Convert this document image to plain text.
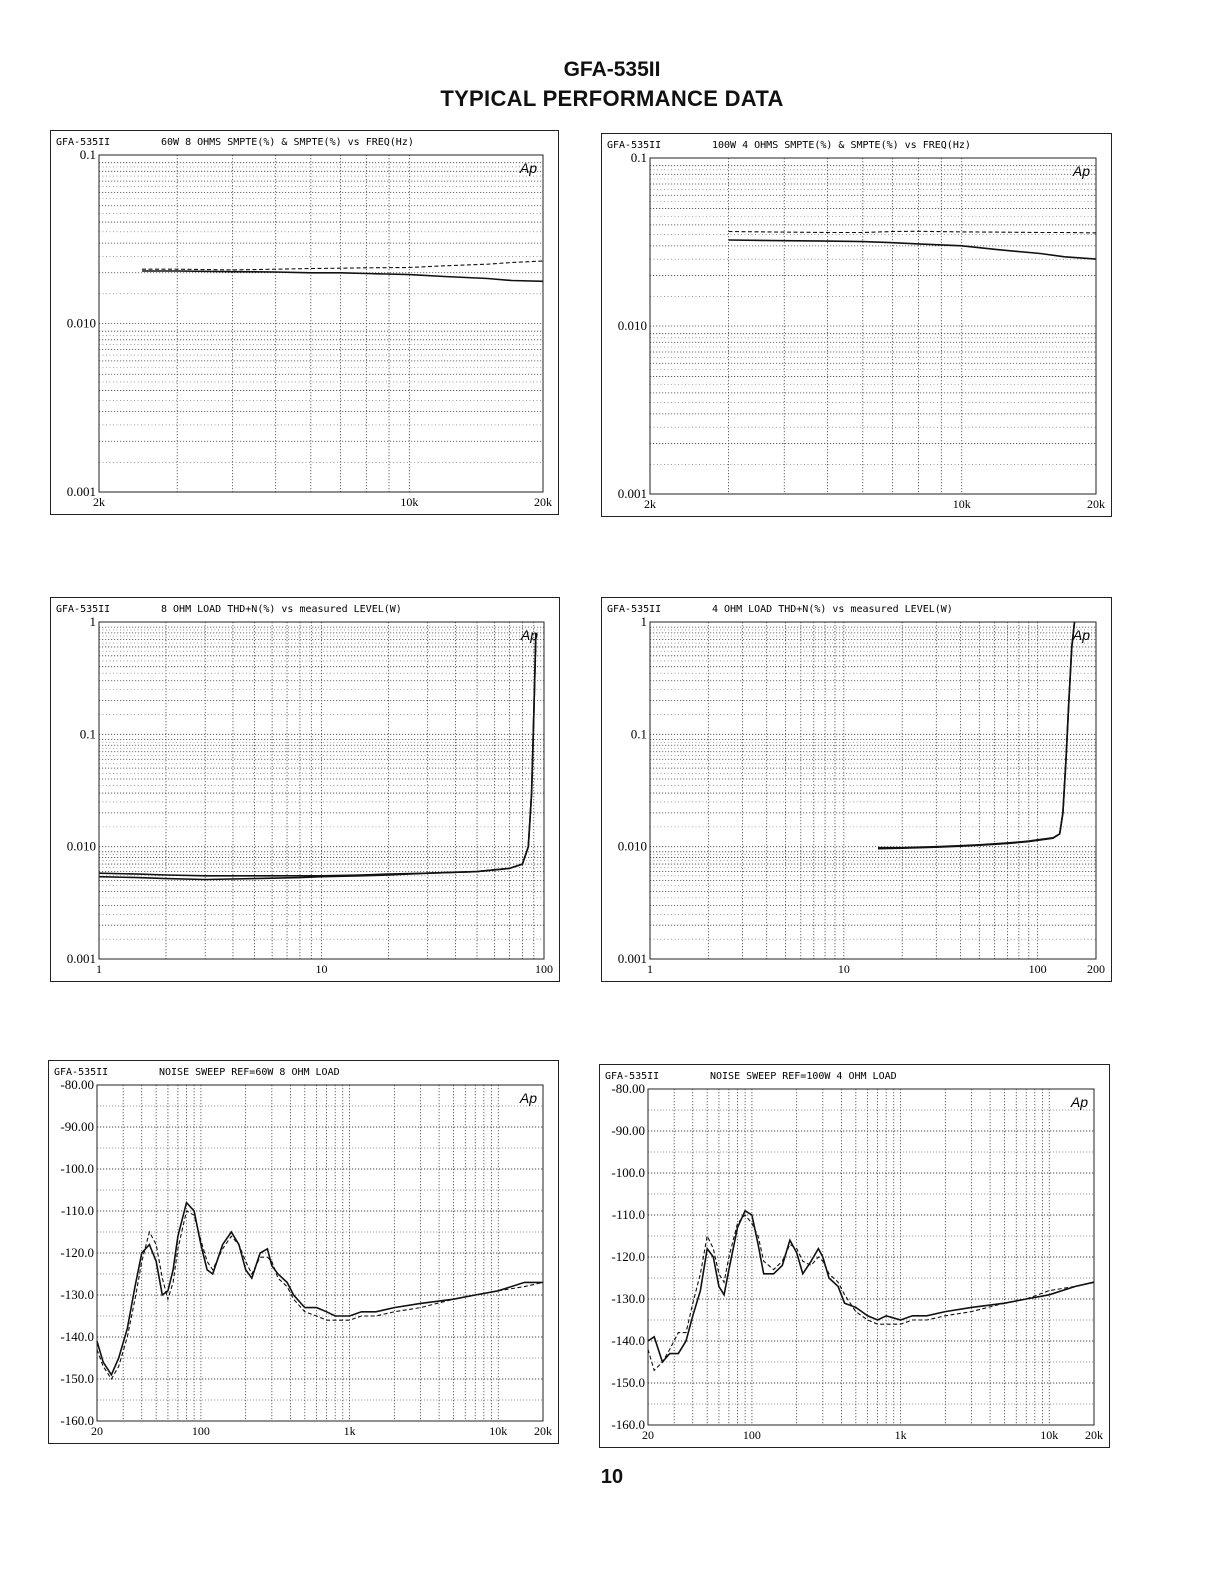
GFA-535II
TYPICAL PERFORMANCE DATA
GFA-535II	60W 8 OHMS SMPTE(%) & SMPTE(%) vs FREQ(Hz)
Ap
0.1
0.010
0.001
2k	10k	20k
GFA-535II	100W 4 OHMS SMPTE(%) & SMPTE(%) vs FREQ(Hz)
Ap
0.1
0.010
0.001
2k	10k	20k
GFA-535II	8 OHM LOAD THD+N(%) vs measured LEVEL(W)
Ap
1
0.1
0.010
0.001
1	10	100
GFA-535II	4 OHM LOAD THD+N(%) vs measured LEVEL(W)
Ap
1
0.1
0.010
0.001
1	10	100	200
GFA-535II	NOISE SWEEP REF=60W 8 OHM LOAD
Ap
-80.00
-90.00
-100.0
-110.0
-120.0
-130.0
-140.0
-150.0
-160.0
20	100	1k	10k 20k
GFA-535II	NOISE SWEEP REF=100W 4 OHM LOAD
Ap
-80.00
-90.00
-100.0
-110.0
-120.0
-130.0
-140.0
-150.0
-160.0
20	100	1k	10k 20k
10
